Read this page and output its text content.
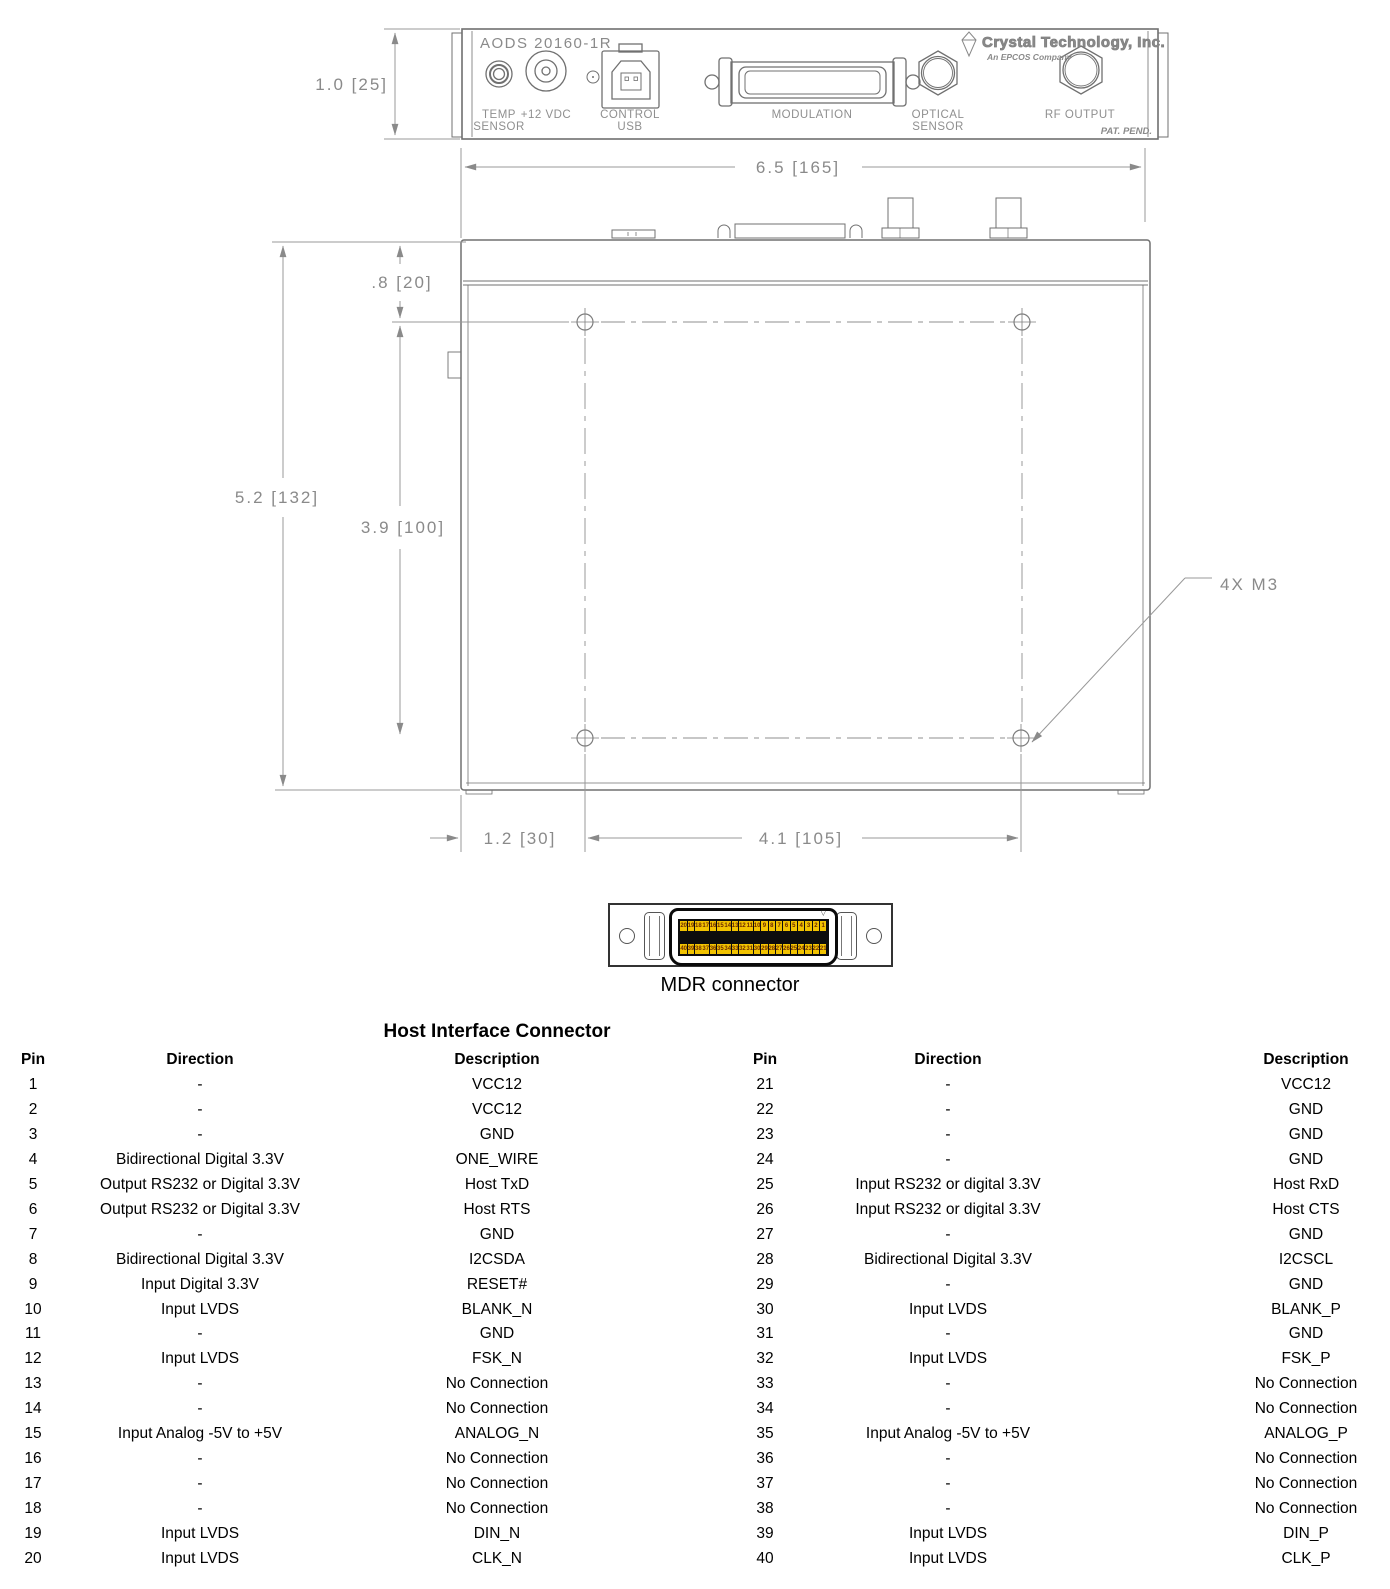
AODS 20160-1R
TEMP
SENSOR
+12 VDC	CONTROL
USB
MODULATION	OPTICAL
SENSOR
RF OUTPUT
Crystal Technology, Inc.
An EPCOS Company
PAT. PEND.
1.0 [25]
6.5 [165]
5.2 [132]
.8 [20]
3.9 [100]
1.2 [30]	4.1 [105]
4X M3
▽
20 19 18 17 16 15 14 13 12 11 10 9 8 7 6 5 4 3 2 1
40 39 38 37 36 35 34 33 32 31 30 29 28 27 26 25 24 23 22 21
MDR connector
Host Interface Connector
Pin	Direction	Description
1	-	VCC12
2	-	VCC12
3	-	GND
4	Bidirectional Digital 3.3V	ONE_WIRE
5	Output RS232 or Digital 3.3V	Host TxD
6	Output RS232 or Digital 3.3V	Host RTS
7	-	GND
8	Bidirectional Digital 3.3V	I2CSDA
9	Input Digital 3.3V	RESET#
10	Input LVDS	BLANK_N
11	-	GND
12	Input LVDS	FSK_N
13	-	No Connection
14	-	No Connection
15	Input Analog -5V to +5V	ANALOG_N
16	-	No Connection
17	-	No Connection
18	-	No Connection
19	Input LVDS	DIN_N
20	Input LVDS	CLK_N
Pin	Direction	Description
21	-	VCC12
22	-	GND
23	-	GND
24	-	GND
25	Input RS232 or digital 3.3V	Host RxD
26	Input RS232 or digital 3.3V	Host CTS
27	-	GND
28	Bidirectional Digital 3.3V	I2CSCL
29	-	GND
30	Input LVDS	BLANK_P
31	-	GND
32	Input LVDS	FSK_P
33	-	No Connection
34	-	No Connection
35	Input Analog -5V to +5V	ANALOG_P
36	-	No Connection
37	-	No Connection
38	-	No Connection
39	Input LVDS	DIN_P
40	Input LVDS	CLK_P
